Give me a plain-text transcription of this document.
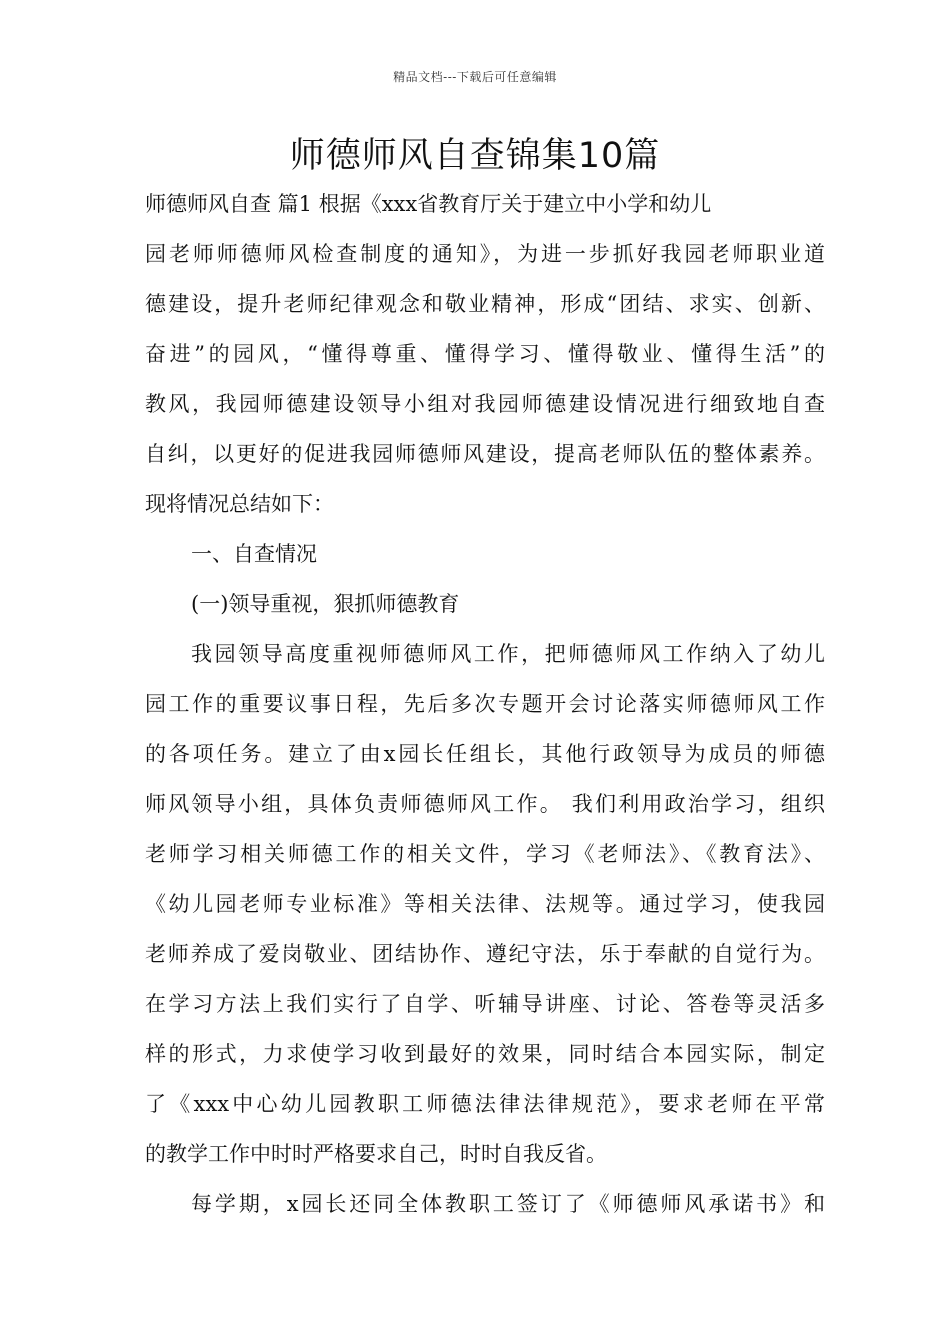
精品文档---下载后可任意编辑
师德师风自查锦集10篇
师德师风自查 篇1 根据《xxx省教育厅关于建立中小学和幼儿
园老师师德师风检查制度的通知》，为进一步抓好我园老师职业道
德建设，提升老师纪律观念和敬业精神，形成“团结、求实、创新、
奋进”的园风，“懂得尊重、懂得学习、懂得敬业、懂得生活”的
教风，我园师德建设领导小组对我园师德建设情况进行细致地自查
自纠，以更好的促进我园师德师风建设，提高老师队伍的整体素养。
现将情况总结如下：
一、自查情况
(一)领导重视，狠抓师德教育
我园领导高度重视师德师风工作，把师德师风工作纳入了幼儿
园工作的重要议事日程，先后多次专题开会讨论落实师德师风工作
的各项任务。建立了由x园长任组长，其他行政领导为成员的师德
师风领导小组，具体负责师德师风工作。 我们利用政治学习，组织
老师学习相关师德工作的相关文件，学习《老师法》、《教育法》、
《幼儿园老师专业标准》等相关法律、法规等。通过学习，使我园
老师养成了爱岗敬业、团结协作、遵纪守法，乐于奉献的自觉行为。
在学习方法上我们实行了自学、听辅导讲座、讨论、答卷等灵活多
样的形式，力求使学习收到最好的效果，同时结合本园实际，制定
了《xxx中心幼儿园教职工师德法律法律规范》，要求老师在平常
的教学工作中时时严格要求自己，时时自我反省。
每学期，x园长还同全体教职工签订了《师德师风承诺书》和
